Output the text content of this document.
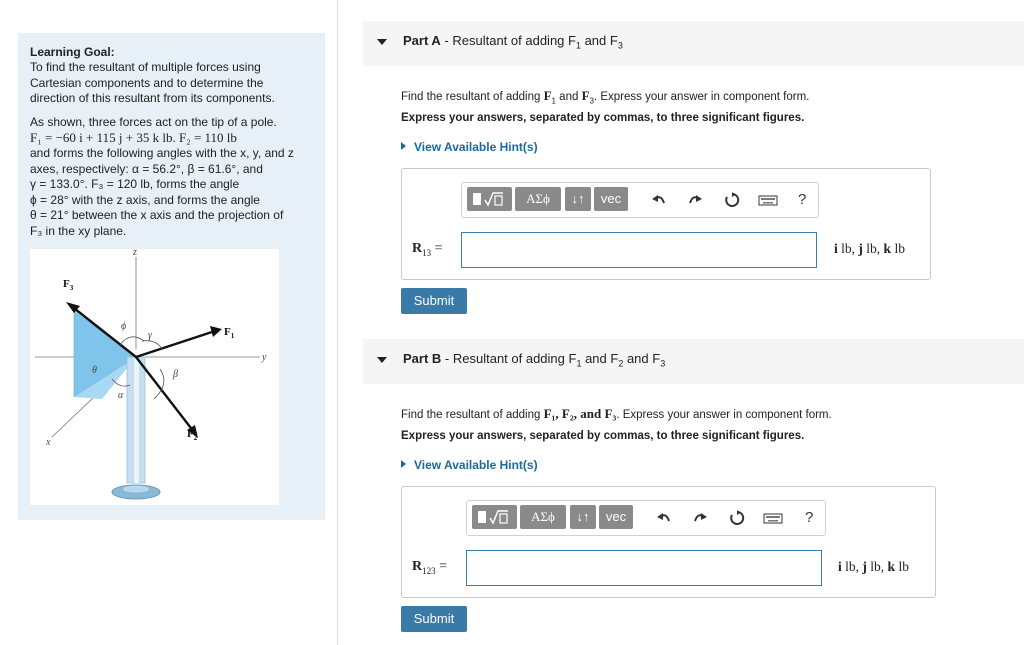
Learning Goal:
To find the resultant of multiple forces using
Cartesian components and to determine the
direction of this resultant from its components.
As shown, three forces act on the tip of a pole.
F₁ = −60 i + 115 j + 35 k lb. F₂ = 110 lb
and forms the following angles with the x, y, and z
axes, respectively: α = 56.2°, β = 61.6°, and
γ = 133.0°. F₃ = 120 lb, forms the angle
ϕ = 28° with the z axis, and forms the angle
θ = 21° between the x axis and the projection of
F₃ in the xy plane.
z
y
x
$F_3$
$F_1$
$F_2$
ϕ
γ
θ	β
α
Part A - Resultant of adding $F_1$ and $F_3$
Find the resultant of adding $F_1$ and $F_3$. Express your answer in component form.
Express your answers, separated by commas, to three significant figures.
View Available Hint(s)
ΑΣϕ	↓↑	vec	?
$R_{13}$ =	i lb, j lb, k lb
Submit
Part B - Resultant of adding $F_1$ and $F_2$ and $F_3$
Find the resultant of adding F₁, F₂, and F₃. Express your answer in component form.
Express your answers, separated by commas, to three significant figures.
View Available Hint(s)
ΑΣϕ	↓↑	vec	?
$R_{123}$ =	i lb, j lb, k lb
Submit
